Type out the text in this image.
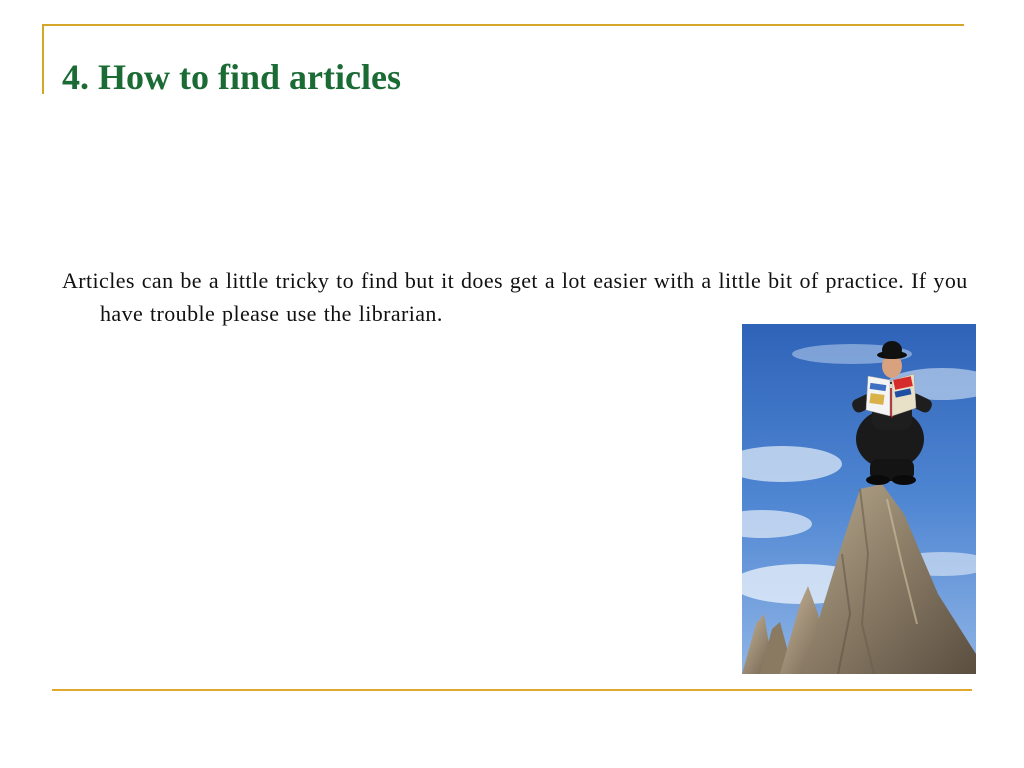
4. How to find articles

Articles can be a little tricky to find but it does get a lot easier with a little bit of practice. If you have trouble please use the librarian.
